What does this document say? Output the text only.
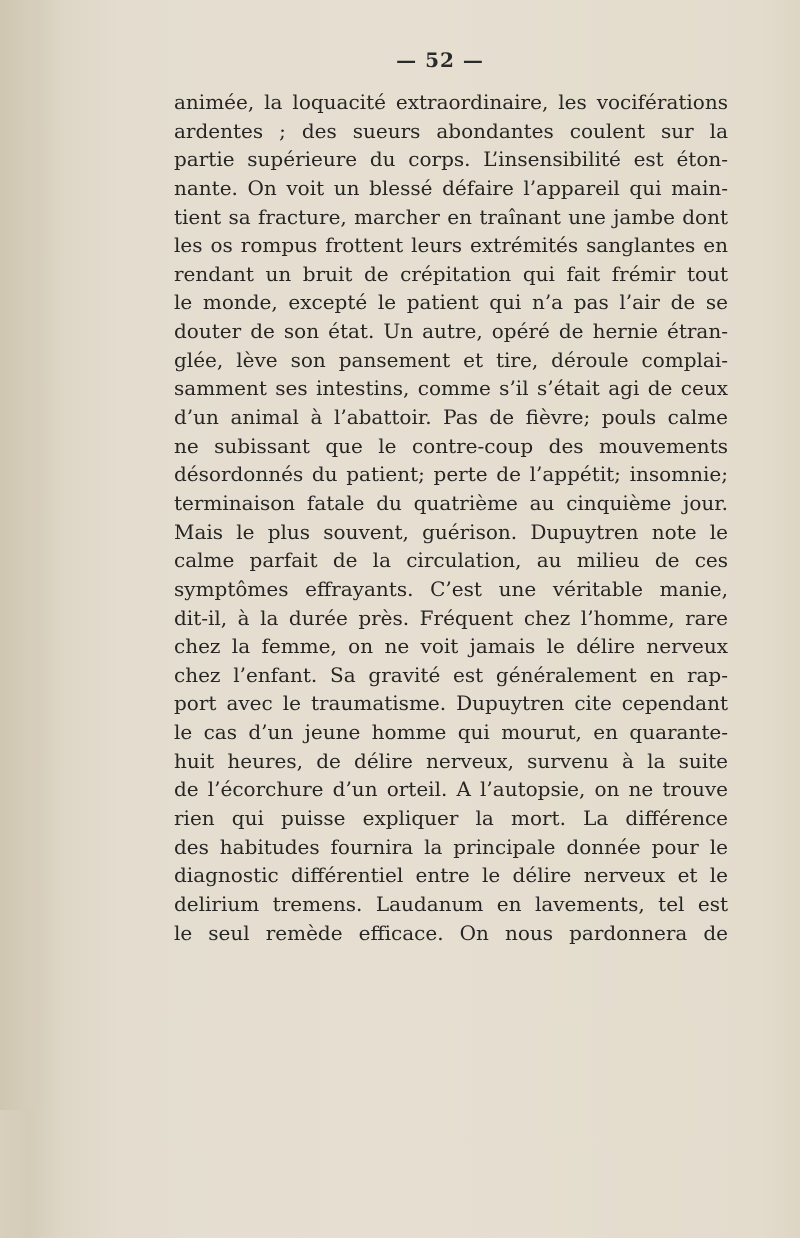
— 52 —
animée, la loquacité extraordinaire, les vociférations
ardentes ; des sueurs abondantes coulent sur la
partie supérieure du corps. L’insensibilité est éton-
nante. On voit un blessé défaire l’appareil qui main-
tient sa fracture, marcher en traînant une jambe dont
les os rompus frottent leurs extrémités sanglantes en
rendant un bruit de crépitation qui fait frémir tout
le monde, excepté le patient qui n’a pas l’air de se
douter de son état. Un autre, opéré de hernie étran-
glée, lève son pansement et tire, déroule complai-
samment ses intestins, comme s’il s’était agi de ceux
d’un animal à l’abattoir. Pas de fièvre; pouls calme
ne subissant que le contre-coup des mouvements
désordonnés du patient; perte de l’appétit; insomnie;
terminaison fatale du quatrième au cinquième jour.
Mais le plus souvent, guérison. Dupuytren note le
calme parfait de la circulation, au milieu de ces
symptômes effrayants. C’est une véritable manie,
dit-il, à la durée près. Fréquent chez l’homme, rare
chez la femme, on ne voit jamais le délire nerveux
chez l’enfant. Sa gravité est généralement en rap-
port avec le traumatisme. Dupuytren cite cependant
le cas d’un jeune homme qui mourut, en quarante-
huit heures, de délire nerveux, survenu à la suite
de l’écorchure d’un orteil. A l’autopsie, on ne trouve
rien qui puisse expliquer la mort. La différence
des habitudes fournira la principale donnée pour le
diagnostic différentiel entre le délire nerveux et le
delirium tremens. Laudanum en lavements, tel est
le seul remède efficace. On nous pardonnera de
